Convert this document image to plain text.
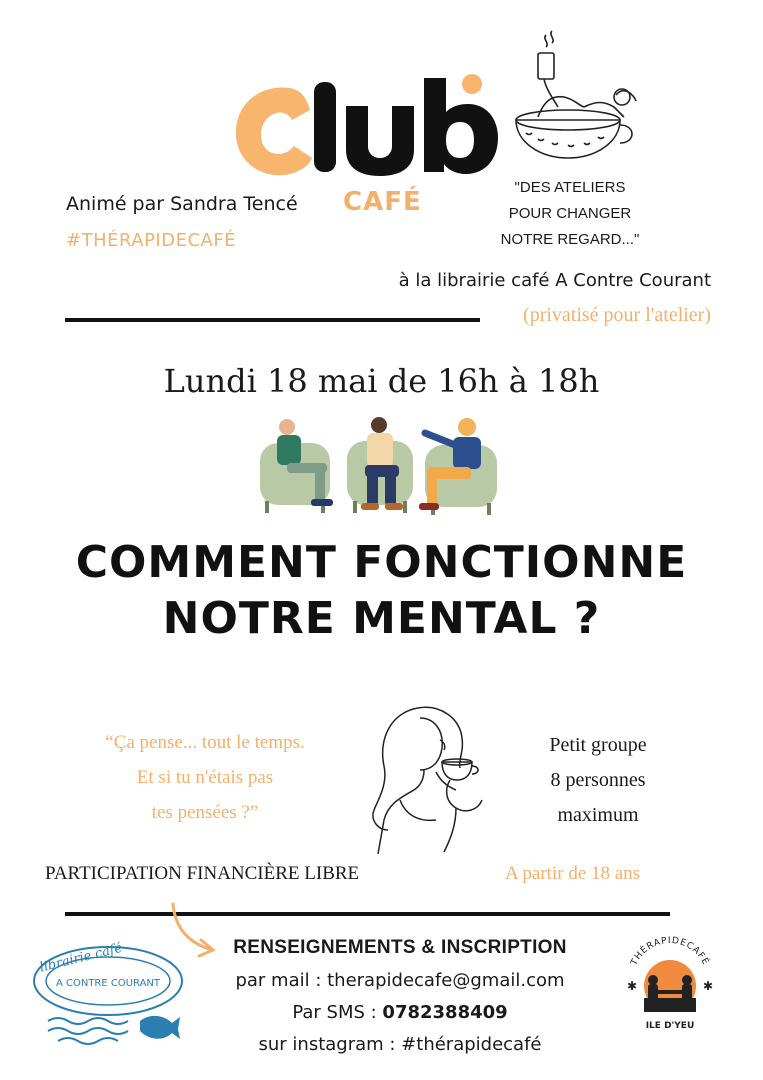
CAFÉ
Animé par Sandra Tencé
#THÉRAPIDECAFÉ
"DES ATELIERS
POUR CHANGER
NOTRE REGARD..."
à la librairie café A Contre Courant
(privatisé pour l'atelier)
Lundi 18 mai de 16h à 18h
COMMENT FONCTIONNE
NOTRE MENTAL ?
“Ça pense... tout le temps.
Et si tu n'étais pas
tes pensées ?”
Petit groupe
8 personnes
maximum
PARTICIPATION FINANCIÈRE LIBRE	A partir de 18 ans
RENSEIGNEMENTS & INSCRIPTION
par mail : therapidecafe@gmail.com
Par SMS : 0782388409
sur instagram : #thérapidecafé
librairie café
A CONTRE COURANT
THÉRAPIDECAFÉ
✱	✱
ILE D'YEU
